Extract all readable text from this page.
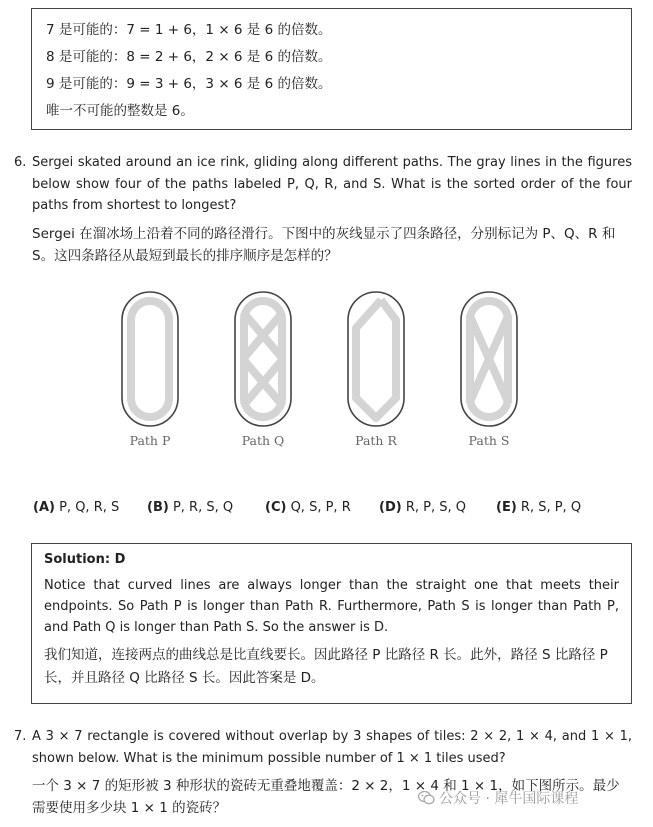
7 是可能的：7 = 1 + 6，1 × 6 是 6 的倍数。
8 是可能的：8 = 2 + 6，2 × 6 是 6 的倍数。
9 是可能的：9 = 3 + 6，3 × 6 是 6 的倍数。
唯一不可能的整数是 6。
6. Sergei skated around an ice rink, gliding along different paths. The gray lines in the figures below show four of the paths labeled P, Q, R, and S. What is the sorted order of the four paths from shortest to longest?
Sergei 在溜冰场上沿着不同的路径滑行。下图中的灰线显示了四条路径，分别标记为 P、Q、R 和 S。这四条路径从最短到最长的排序顺序是怎样的？
Path P	Path Q	Path R	Path S
(A) P, Q, R, S (B) P, R, S, Q (C) Q, S, P, R (D) R, P, S, Q (E) R, S, P, Q
Solution: D
Notice that curved lines are always longer than the straight one that meets their endpoints. So Path P is longer than Path R. Furthermore, Path S is longer than Path P, and Path Q is longer than Path S. So the answer is D.
我们知道，连接两点的曲线总是比直线要长。因此路径 P 比路径 R 长。此外，路径 S 比路径 P 长，并且路径 Q 比路径 S 长。因此答案是 D。
7. A 3 × 7 rectangle is covered without overlap by 3 shapes of tiles: 2 × 2, 1 × 4, and 1 × 1, shown below. What is the minimum possible number of 1 × 1 tiles used?
一个 3 × 7 的矩形被 3 种形状的瓷砖无重叠地覆盖：2 × 2，1 × 4 和 1 × 1，如下图所示。最少需要使用多少块 1 × 1 的瓷砖？
公众号 · 犀牛国际课程
